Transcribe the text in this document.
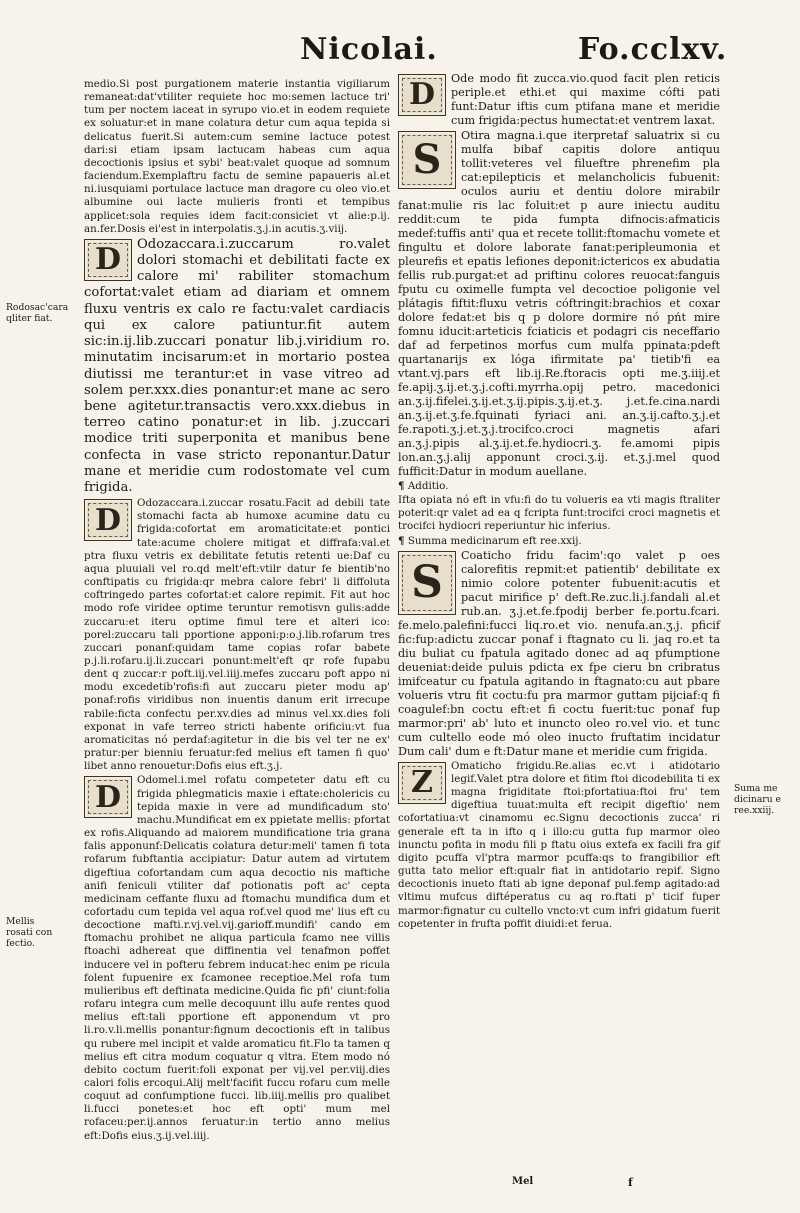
Nicolai.	Fo.cclxv.

medio.Si post purgationem materie instantia vigiliarum remaneat:dat'vtiliter requiete hoc mo:semen lactuce tri' tum per noctem iaceat in syrupo vio.et in eodem requiete ex soluatur:et in mane colatura detur cum aqua tepida si delicatus fuerit.Si autem:cum semine lactuce potest dari:si etiam ipsam lactucam habeas cum aqua decoctionis ipsius et sybi' beat:valet quoque ad somnum faciendum.Exemplaftru factu de semine papaueris al.et ni.iusquiami portulace lactuce man dragore cu oleo vio.et albumine oui lacte mulieris fronti et tempibus applicet:sola requies idem facit:consiciet vt alie:p.ij. an.fer.Dosis ei'est in interpolatis.ʒ.j.in acutis.ʒ.viij.

D	Odozaccara.i.zuccarum ro.valet dolori stomachi et debilitati facte ex calore mi' rabiliter stomachum cofortat:valet etiam ad diariam et omnem fluxu ventris ex calo re factu:valet cardiacis qui ex calore patiuntur.fit autem sic:in.ij.lib.zuccari ponatur lib.j.viridium ro. minutatim incisarum:et in mortario postea diutissi me terantur:et in vase vitreo ad solem per.xxx.dies ponantur:et mane ac sero bene agitetur.transactis vero.xxx.diebus in terreo catino ponatur:et in lib. j.zuccari modice triti superponita et manibus bene confecta in vase stricto reponantur.Datur mane et meridie cum rodostomate vel cum frigida.

D	Odozaccara.i.zuccar rosatu.Facit ad debili tate stomachi facta ab humoxe acumine datu cu frigida:cofortat em aromaticitate:et pontici tate:acume cholere mitigat et diffrafa:val.et ptra fluxu vetris ex debilitate fetutis retenti ue:Daf cu aqua pluuiali vel ro.qd melt'eft:vtilr datur fe bientib'no conftipatis cu frigida:qr mebra calore febri' li diffoluta coftringedo partes cofortat:et calore repimit. Fit aut hoc modo rofe viridee optime teruntur remotisvn gulis:adde zuccaru:et iteru optime fimul tere et alteri ico: porel:zuccaru tali pportione apponi:p:o.j.lib.rofarum tres zuccari ponanf:quidam tame copias rofar babete p.j.li.rofaru.ij.li.zuccari ponunt:melt'eft qr rofe fupabu dent q zuccar:r poft.iij.vel.iiij.mefes zuccaru poft appo ni modu excedetib'rofis:fi aut zuccaru pieter modu ap' ponaf:rofis viridibus non inuentis danum erit irrecupe rabile:ficta confectu per.xv.dies ad minus vel.xx.dies foli exponat in vafe terreo stricti habente orificiu:vt fua aromaticitas nó perdaf:agitetur in die bis vel ter ne ex' pratur:per bienniu feruatur:fed melius eft tamen fi quo' libet anno renouetur:Dofis eius eft.ʒ.j.

D	Odomel.i.mel rofatu competeter datu eft cu frigida phlegmaticis maxie i eftate:cholericis cu tepida maxie in vere ad mundificadum sto' machu.Mundificat em ex ppietate mellis: pfortat ex rofis.Aliquando ad maiorem mundificatione tria grana falis apponunf:Delicatis colatura detur:meli' tamen fi tota rofarum fubftantia accipiatur: Datur autem ad virtutem digeftiua cofortandam cum aqua decoctio nis maftiche anifi feniculi vtiliter daf potionatis poft ac' cepta medicinam ceffante fluxu ad ftomachu mundifica dum et cofortadu cum tepida vel aqua rof.vel quod me' lius eft cu decoctione mafti.r.vj.vel.vij.garioff.mundifi' cando em ftomachu prohibet ne aliqua particula fcamo nee villis ftoachi adhereat que diffinentia vel tenafmon poffet inducere vel in pofteru febrem inducat:hec enim pe ricula folent fupuenire ex fcamonee receptioe.Mel rofa tum mulieribus eft deftinata medicine.Quida fic pfi' ciunt:folia rofaru integra cum melle decoquunt illu aufe rentes quod melius eft:tali pportione eft apponendum vt pro li.ro.v.li.mellis ponantur:fignum decoctionis eft in talibus qu rubere mel incipit et valde aromaticu fit.Flo ta tamen q melius eft citra modum coquatur q vltra. Etem modo nó debito coctum fuerit:foli exponat per vij.vel per.viij.dies calori folis ercoqui.Alij melt'facifit fuccu rofaru cum melle coquut ad confumptione fucci. lib.iiij.mellis pro qualibet li.fucci ponetes:et hoc eft opti' mum mel rofaceu:per.ij.annos feruatur:in tertio anno melius eft:Dofis eius.ʒ.ij.vel.iiij.

D	Ode modo fit zucca.vio.quod facit plen reticis periple.et ethi.et qui maxime cófti pati funt:Datur iftis cum ptifana mane et meridie cum frigida:pectus humectat:et ventrem laxat.

S

Otira magna.i.que iterpretaf saluatrix si cu mulfa bibaf capitis dolore antiquu tollit:veteres vel filueftre phrenefim pla cat:epilepticis et melancholicis fubuenit: oculos auriu et dentiu dolore mirabilr fanat:mulie ris lac foluit:et p aure iniectu auditu reddit:cum te pida fumpta difnocis:afmaticis medef:tuffis anti' qua et recete tollit:ftomachu vomete et fingultu et dolore laborate fanat:peripleumonia et pleurefis et epatis lefiones deponit:ictericos ex abudatia fellis rub.purgat:et ad priftinu colores reuocat:fanguis fputu cu oximelle fumpta vel decoctioe poligonie vel plátagis fiftit:fluxu vetris cóftringit:brachios et coxar dolore fedat:et bis q p dolore dormire nó pńt mire fomnu iducit:arteticis fciaticis et podagri cis neceffario daf ad ferpetinos morfus cum mulfa ppinata:pdeft quartanarijs ex lóga ifirmitate pa' tietib'fi ea vtant.vj.pars eft lib.ij.Re.ftoracis opti me.ʒ.iiij.et fe.apij.ʒ.ij.et.ʒ.j.cofti.myrrha.opij petro. macedonici an.ʒ.ij.fifelei.ʒ.ij.et.ʒ.ij.pipis.ʒ.ij.et.ʒ. j.et.fe.cina.nardi an.ʒ.ij.et.ʒ.fe.fquinati fyriaci ani. an.ʒ.ij.cafto.ʒ.j.et fe.rapoti.ʒ.j.et.ʒ.j.trocifco.croci magnetis afari an.ʒ.j.pipis al.ʒ.ij.et.fe.hydiocri.ʒ. fe.amomi pipis lon.an.ʒ.j.alij apponunt croci.ʒ.ij. et.ʒ.j.mel quod fufficit:Datur in modum auellane.

¶ Additio.

Ifta opiata nó eft in vfu:fi do tu volueris ea vti magis ftraliter poterit:qr valet ad ea q fcripta funt:trocifci croci magnetis et trocifci hydiocri reperiuntur hic inferius.

¶ Summa medicinarum eft ree.xxij.

S

Coaticho fridu facim':qo valet p oes calorefitis repmit:et patientib' debilitate ex nimio colore potenter fubuenit:acutis et pacut mirifice p' deft.Re.zuc.li.j.fandali al.et rub.an. ʒ.j.et.fe.fpodij berber fe.portu.fcari. fe.melo.palefini:fucci liq.ro.et vio. nenufa.an.ʒ.j. pficif fic:fup:adictu zuccar ponaf i ftagnato cu li. jaq ro.et ta diu buliat cu fpatula agitado donec ad aq pfumptione deueniat:deide puluis pdicta ex fpe cieru bn cribratus imifceatur cu fpatula agitando in ftagnato:cu aut pbare volueris vtru fit coctu:fu pra marmor guttam pijciaf:q fi coagulef:bn coctu eft:et fi coctu fuerit:tuc ponaf fup marmor:pri' ab' luto et inuncto oleo ro.vel vio. et tunc cum cultello eode mó oleo inucto fruftatim incidatur Dum cali' dum e ft:Datur mane et meridie cum frigida.

Z	Omaticho frigidu.Re.alias ec.vt i atidotario legif.Valet ptra dolore et fitim ftoi dicodebilita ti ex magna frigiditate ftoi:pfortatiua:ftoi fru' tem digeftiua tuuat:multa eft recipit digeftio' nem cofortatiua:vt cinamomu ec.Signu decoctionis zucca' ri generale eft ta in ifto q i illo:cu gutta fup marmor oleo inunctu pofita in modu fili p ftatu oius extefa ex facili fra gif digito pcuffa vl'ptra marmor pcuffa:qs to frangibilior eft gutta tato melior eft:qualr fiat in antidotario repif. Signo decoctionis inueto ftati ab igne deponaf pul.femp agitado:ad vltimu mufcus diftéperatus cu aq ro.ftati p' ticif fuper marmor:fignatur cu cultello vncto:vt cum infri gidatum fuerit copetenter in frufta poffit diuidi:et ferua.

Rodosac'cara qliter fiat.
Mellis rosati con fectio.
Suma me dicinaru e ree.xxiij.
Mel	f
